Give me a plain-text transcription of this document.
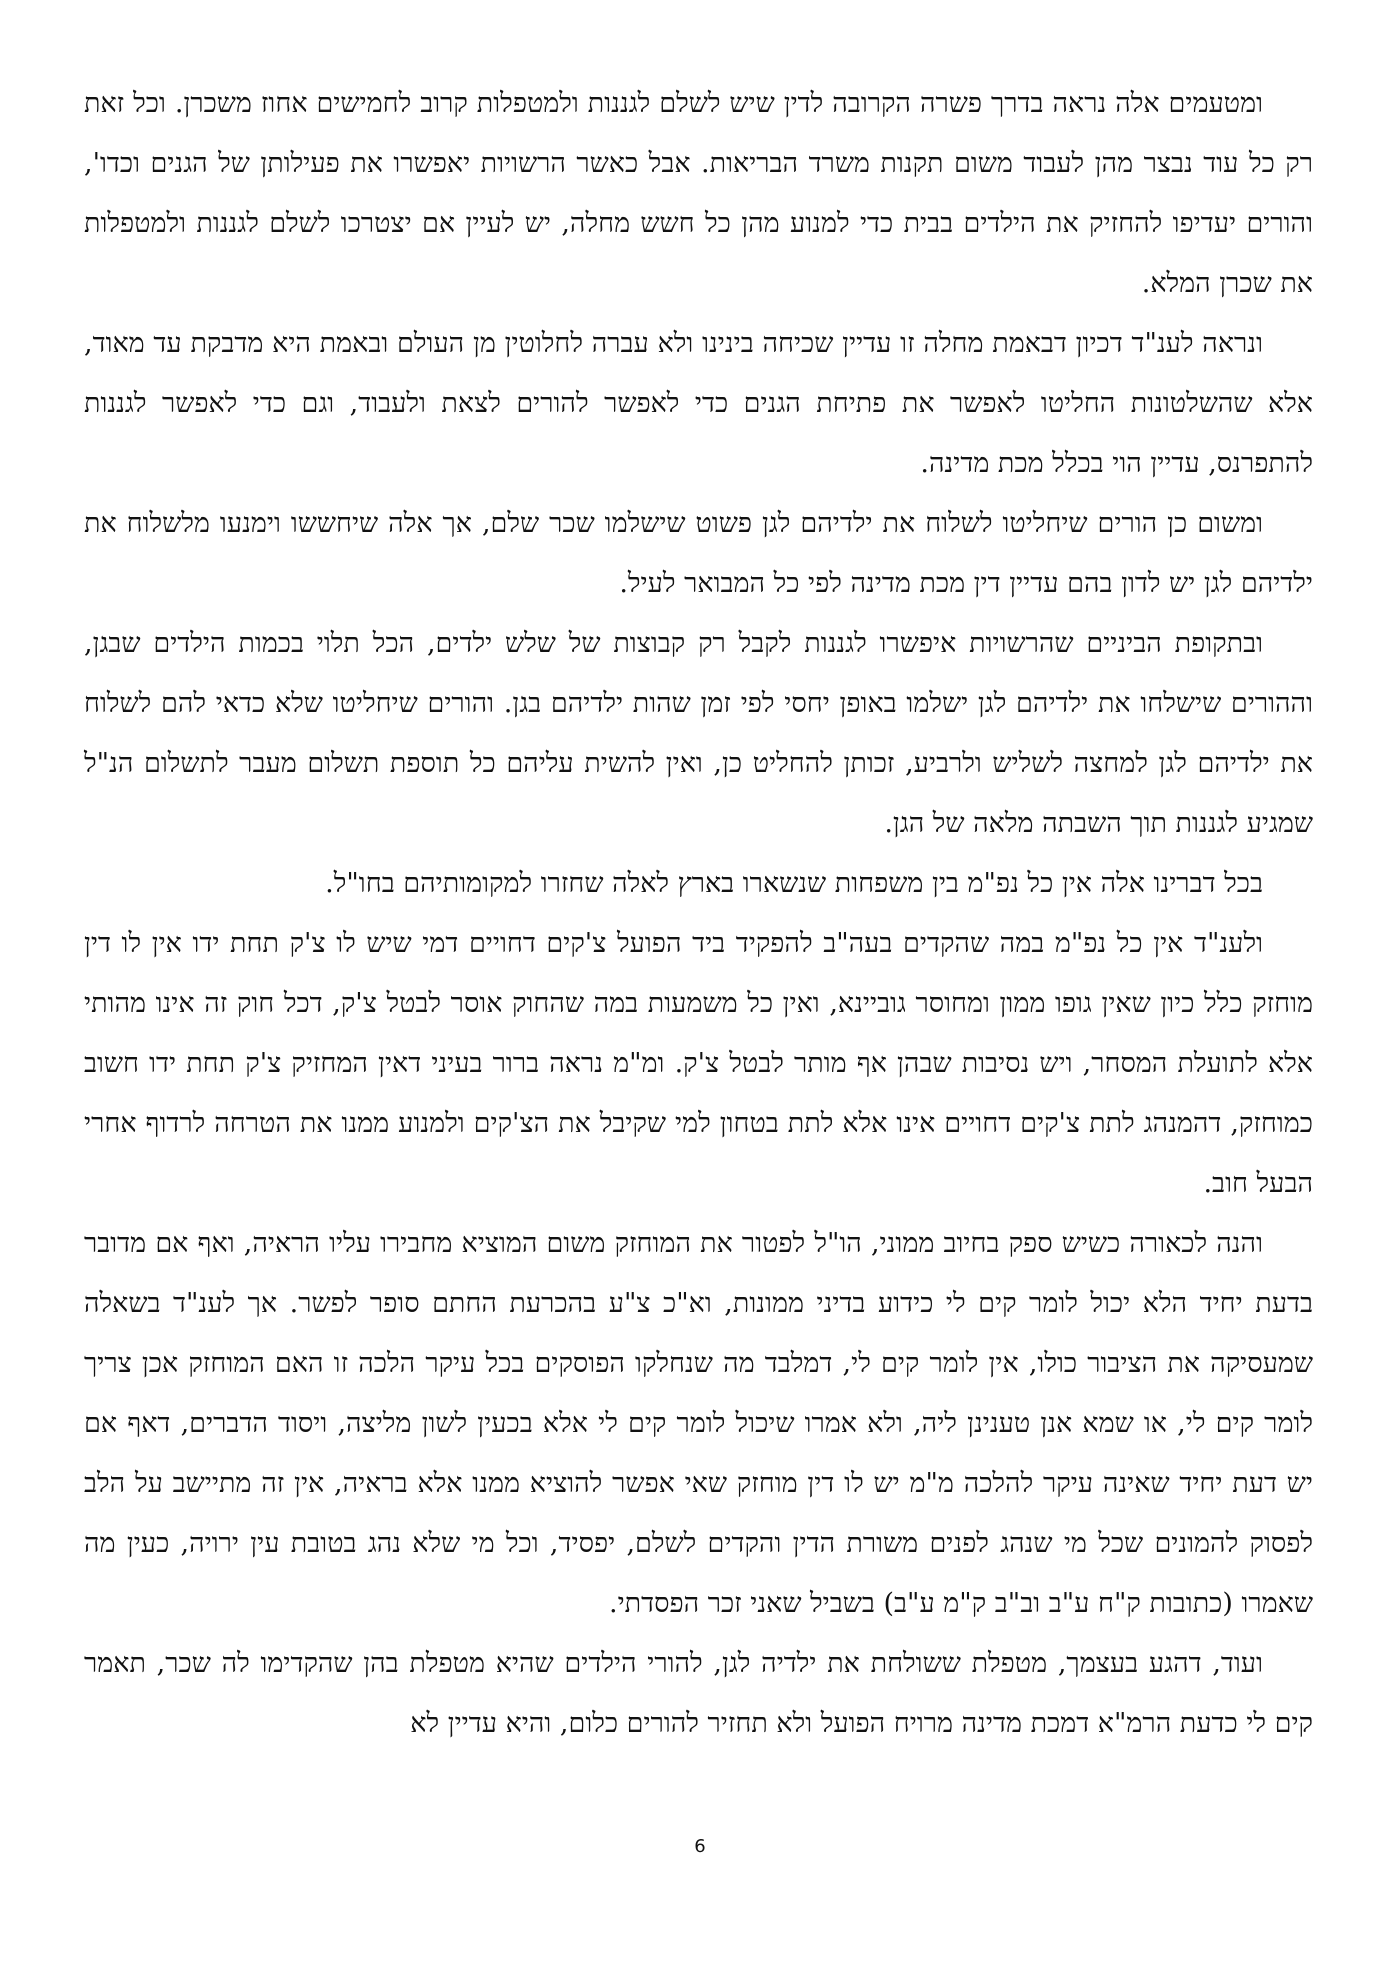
ומטעמים אלה נראה בדרך פשרה הקרובה לדין שיש לשלם לגננות ולמטפלות קרוב לחמישים אחוז משכרן. וכל זאת רק כל עוד נבצר מהן לעבוד משום תקנות משרד הבריאות. אבל כאשר הרשויות יאפשרו את פעילותן של הגנים וכדו', והורים יעדיפו להחזיק את הילדים בבית כדי למנוע מהן כל חשש מחלה, יש לעיין אם יצטרכו לשלם לגננות ולמטפלות את שכרן המלא.

ונראה לענ"ד דכיון דבאמת מחלה זו עדיין שכיחה בינינו ולא עברה לחלוטין מן העולם ובאמת היא מדבקת עד מאוד, אלא שהשלטונות החליטו לאפשר את פתיחת הגנים כדי לאפשר להורים לצאת ולעבוד, וגם כדי לאפשר לגננות להתפרנס, עדיין הוי בכלל מכת מדינה.

ומשום כן הורים שיחליטו לשלוח את ילדיהם לגן פשוט שישלמו שכר שלם, אך אלה שיחששו וימנעו מלשלוח את ילדיהם לגן יש לדון בהם עדיין דין מכת מדינה לפי כל המבואר לעיל.

ובתקופת הביניים שהרשויות איפשרו לגננות לקבל רק קבוצות של שלש ילדים, הכל תלוי בכמות הילדים שבגן, וההורים שישלחו את ילדיהם לגן ישלמו באופן יחסי לפי זמן שהות ילדיהם בגן. והורים שיחליטו שלא כדאי להם לשלוח את ילדיהם לגן למחצה לשליש ולרביע, זכותן להחליט כן, ואין להשית עליהם כל תוספת תשלום מעבר לתשלום הנ"ל שמגיע לגננות תוך השבתה מלאה של הגן.

בכל דברינו אלה אין כל נפ"מ בין משפחות שנשארו בארץ לאלה שחזרו למקומותיהם בחו"ל.

ולענ"ד אין כל נפ"מ במה שהקדים בעה"ב להפקיד ביד הפועל צ'קים דחויים דמי שיש לו צ'ק תחת ידו אין לו דין מוחזק כלל כיון שאין גופו ממון ומחוסר גוביינא, ואין כל משמעות במה שהחוק אוסר לבטל צ'ק, דכל חוק זה אינו מהותי אלא לתועלת המסחר, ויש נסיבות שבהן אף מותר לבטל צ'ק. ומ"מ נראה ברור בעיני דאין המחזיק צ'ק תחת ידו חשוב כמוחזק, דהמנהג לתת צ'קים דחויים אינו אלא לתת בטחון למי שקיבל את הצ'קים ולמנוע ממנו את הטרחה לרדוף אחרי הבעל חוב.

והנה לכאורה כשיש ספק בחיוב ממוני, הו"ל לפטור את המוחזק משום המוציא מחבירו עליו הראיה, ואף אם מדובר בדעת יחיד הלא יכול לומר קים לי כידוע בדיני ממונות, וא"כ צ"ע בהכרעת החתם סופר לפשר. אך לענ"ד בשאלה שמעסיקה את הציבור כולו, אין לומר קים לי, דמלבד מה שנחלקו הפוסקים בכל עיקר הלכה זו האם המוחזק אכן צריך לומר קים לי, או שמא אנן טענינן ליה, ולא אמרו שיכול לומר קים לי אלא בכעין לשון מליצה, ויסוד הדברים, דאף אם יש דעת יחיד שאינה עיקר להלכה מ"מ יש לו דין מוחזק שאי אפשר להוציא ממנו אלא בראיה, אין זה מתיישב על הלב לפסוק להמונים שכל מי שנהג לפנים משורת הדין והקדים לשלם, יפסיד, וכל מי שלא נהג בטובת עין ירויה, כעין מה שאמרו (כתובות ק"ח ע"ב וב"ב ק"מ ע"ב) בשביל שאני זכר הפסדתי.

ועוד, דהגע בעצמך, מטפלת ששולחת את ילדיה לגן, להורי הילדים שהיא מטפלת בהן שהקדימו לה שכר, תאמר קים לי כדעת הרמ"א דמכת מדינה מרויח הפועל ולא תחזיר להורים כלום, והיא עדיין לא

6
